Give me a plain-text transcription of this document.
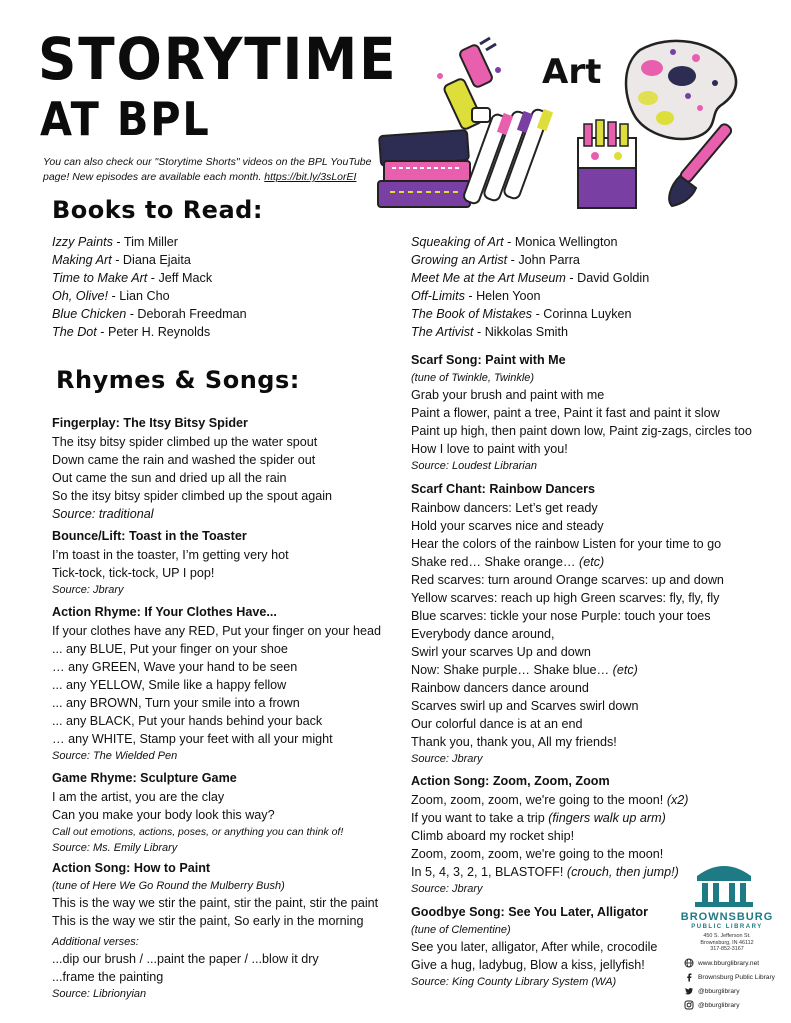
STORYTIME
AT BPL
You can also check our "Storytime Shorts" videos on the BPL YouTube page! New episodes are available each month. https://bit.ly/3sLorEI
Art
Books to Read:
Izzy Paints - Tim Miller
Making Art - Diana Ejaita
Time to Make Art - Jeff Mack
Oh, Olive! - Lian Cho
Blue Chicken - Deborah Freedman
The Dot - Peter H. Reynolds
Squeaking of Art - Monica Wellington
Growing an Artist - John Parra
Meet Me at the Art Museum - David Goldin
Off-Limits - Helen Yoon
The Book of Mistakes - Corinna Luyken
The Artivist - Nikkolas Smith
Rhymes & Songs:
Fingerplay: The Itsy Bitsy Spider
The itsy bitsy spider climbed up the water spout
Down came the rain and washed the spider out
Out came the sun and dried up all the rain
So the itsy bitsy spider climbed up the spout again
Source: traditional
Bounce/Lift: Toast in the Toaster
I’m toast in the toaster, I’m getting very hot
Tick-tock, tick-tock, UP I pop!
Source: Jbrary
Action Rhyme: If Your Clothes Have...
If your clothes have any RED, Put your finger on your head
... any BLUE, Put your finger on your shoe
… any GREEN, Wave your hand to be seen
... any YELLOW, Smile like a happy fellow
... any BROWN, Turn your smile into a frown
... any BLACK, Put your hands behind your back
… any WHITE, Stamp your feet with all your might
Source: The Wielded Pen
Game Rhyme: Sculpture Game
I am the artist, you are the clay
Can you make your body look this way?
Call out emotions, actions, poses, or anything you can think of!
Source: Ms. Emily Library
Action Song: How to Paint
(tune of Here We Go Round the Mulberry Bush)
This is the way we stir the paint, stir the paint, stir the paint
This is the way we stir the paint, So early in the morning
Additional verses:
...dip our brush / ...paint the paper / ...blow it dry
...frame the painting
Source: Librionyian
Scarf Song: Paint with Me
(tune of Twinkle, Twinkle)
Grab your brush and paint with me
Paint a flower, paint a tree, Paint it fast and paint it slow
Paint up high, then paint down low, Paint zig-zags, circles too
How I love to paint with you!
Source: Loudest Librarian
Scarf Chant: Rainbow Dancers
Rainbow dancers: Let’s get ready
Hold your scarves nice and steady
Hear the colors of the rainbow Listen for your time to go
Shake red… Shake orange… (etc)
Red scarves: turn around Orange scarves: up and down
Yellow scarves: reach up high Green scarves: fly, fly, fly
Blue scarves: tickle your nose Purple: touch your toes
Everybody dance around,
Swirl your scarves Up and down
Now: Shake purple… Shake blue… (etc)
Rainbow dancers dance around
Scarves swirl up and Scarves swirl down
Our colorful dance is at an end
Thank you, thank you, All my friends!
Source: Jbrary
Action Song: Zoom, Zoom, Zoom
Zoom, zoom, zoom, we're going to the moon! (x2)
If you want to take a trip (fingers walk up arm)
Climb aboard my rocket ship!
Zoom, zoom, zoom, we're going to the moon!
In 5, 4, 3, 2, 1, BLASTOFF! (crouch, then jump!)
Source: Jbrary
Goodbye Song: See You Later, Alligator
(tune of Clementine)
See you later, alligator, After while, crocodile
Give a hug, ladybug, Blow a kiss, jellyfish!
Source: King County Library System (WA)
BROWNSBURG
PUBLIC LIBRARY
450 S. Jefferson St.
Brownsburg, IN 46112
317-852-3167
www.bburglibrary.net
Brownsburg Public Library
@bburglibrary
@bburglibrary
